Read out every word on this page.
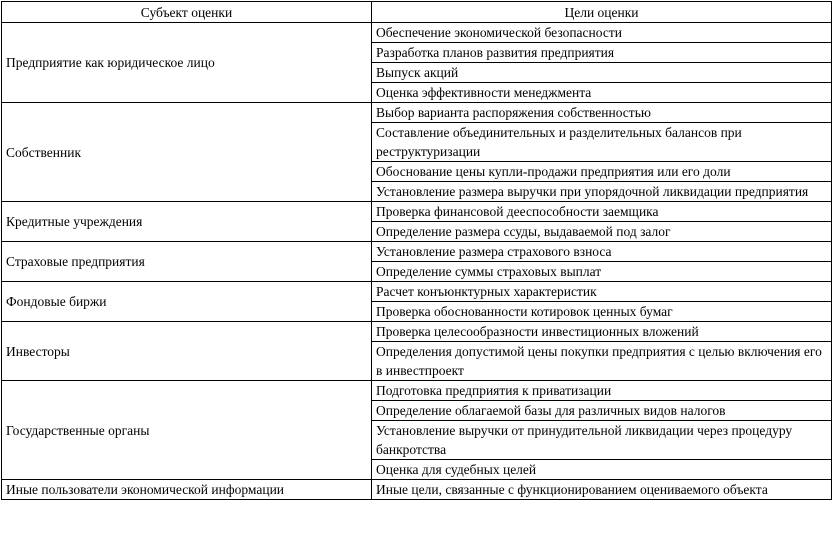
Субъект оценки	Цели оценки
Предприятие как юридическое лицо	Обеспечение экономической безопасности
	Разработка планов развития предприятия
	Выпуск акций
	Оценка эффективности менеджмента
Собственник	Выбор варианта распоряжения собственностью
	Составление объединительных и разделительных балансов при реструктуризации
	Обоснование цены купли-продажи предприятия или его доли
	Установление размера выручки при упорядочной ликвидации предприятия
Кредитные учреждения	Проверка финансовой дееспособности заемщика
	Определение размера ссуды, выдаваемой под залог
Страховые предприятия	Установление размера страхового взноса
	Определение суммы страховых выплат
Фондовые биржи	Расчет конъюнктурных характеристик
	Проверка обоснованности котировок ценных бумаг
Инвесторы	Проверка целесообразности инвестиционных вложений
	Определения допустимой цены покупки предприятия с целью включения его в инвестпроект
Государственные органы	Подготовка предприятия к приватизации
	Определение облагаемой базы для различных видов налогов
	Установление выручки от принудительной ликвидации через процедуру банкротства
	Оценка для судебных целей
Иные пользователи экономической информации	Иные цели, связанные с функционированием оцениваемого объекта
